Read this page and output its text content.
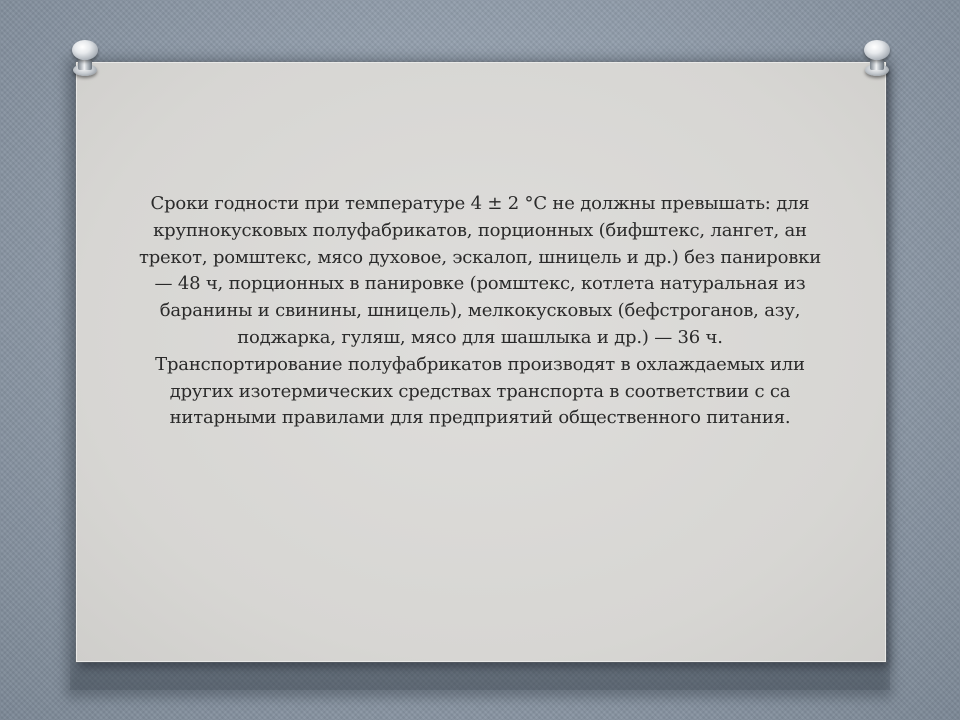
Сроки годности при температуре 4 ± 2 °С не должны превышать: для
крупнокусковых полуфабрикатов, порционных (бифштекс, лангет, ан
трекот, ромштекс, мясо духовое, эскалоп, шницель и др.) без панировки
— 48 ч, порционных в панировке (ромштекс, котлета натуральная из
баранины и свинины, шницель), мелкокусковых (бефстроганов, азу,
поджарка, гуляш, мясо для шашлыка и др.) — 36 ч.
Транспортирование полуфабрикатов производят в охлаждаемых или
других изотермических средствах транспорта в соответствии с са
нитарными правилами для предприятий общественного питания.
